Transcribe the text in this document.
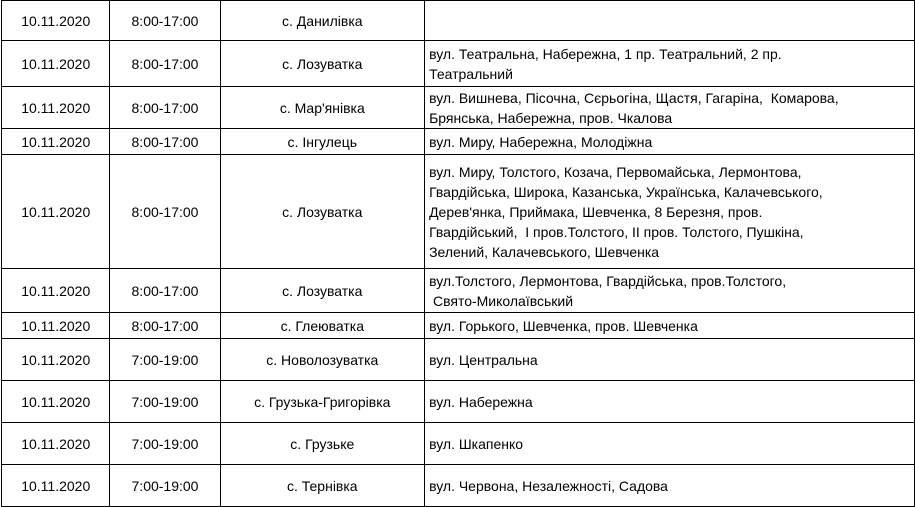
10.11.2020	8:00-17:00	с. Данилівка	
10.11.2020	8:00-17:00	с. Лозуватка	вул. Театральна, Набережна, 1 пр. Театральний, 2 пр.
Театральний
10.11.2020	8:00-17:00	с. Мар'янівка	вул. Вишнева, Пісочна, Сєрьогіна, Щастя, Гагаріна,  Комарова,
Брянська, Набережна, пров. Чкалова
10.11.2020	8:00-17:00	с. Інгулець	вул. Миру, Набережна, Молодіжна
10.11.2020	8:00-17:00	с. Лозуватка	вул. Миру, Толстого, Козача, Первомайська, Лермонтова,
Гвардійська, Широка, Казанська, Українська, Калачевського,
Дерев'янка, Приймака, Шевченка, 8 Березня, пров.
Гвардійський,  І пров.Толстого, ІІ пров. Толстого, Пушкіна,
Зелений, Калачевського, Шевченка
10.11.2020	8:00-17:00	с. Лозуватка	вул.Толстого, Лермонтова, Гвардійська, пров.Толстого,
Свято-Миколаївський
10.11.2020	8:00-17:00	с. Глеюватка	вул. Горького, Шевченка, пров. Шевченка
10.11.2020	7:00-19:00	с. Новолозуватка	вул. Центральна
10.11.2020	7:00-19:00	с. Грузька-Григорівка	вул. Набережна
10.11.2020	7:00-19:00	с. Грузьке	вул. Шкапенко
10.11.2020	7:00-19:00	с. Тернівка	вул. Червона, Незалежності, Садова
